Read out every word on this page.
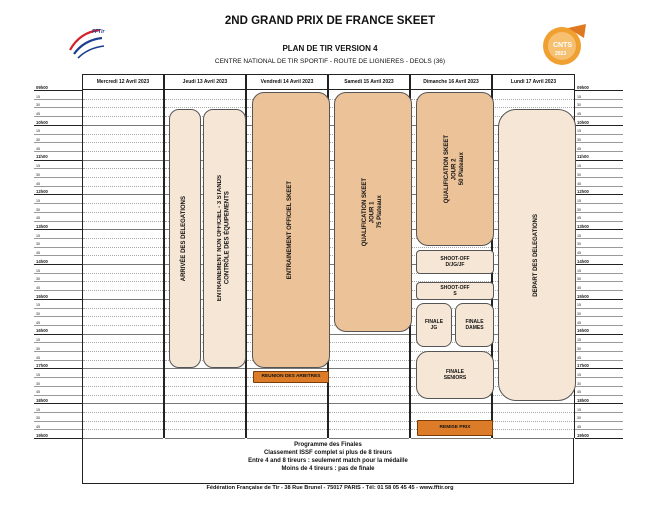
2ND GRAND PRIX DE FRANCE SKEET
PLAN DE TIR VERSION 4
CENTRE NATIONAL DE TIR SPORTIF - ROUTE DE LIGNIERES - DEOLS (36)
FFTir
CNTS
2023
09h00
15
30
45
10h00
15
30
45
11h00
15
30
45
12h00
15
30
45
13h00
15
30
45
14h00
15
30
45
15h00
15
30
45
16h00
15
30
45
17h00
15
30
45
18h00
15
30
45
19h00
09h00
15
30
45
10h00
15
30
45
11h00
15
30
45
12h00
15
30
45
13h00
15
30
45
14h00
15
30
45
15h00
15
30
45
16h00
15
30
45
17h00
15
30
45
18h00
15
30
45
19h00
Mercredi 12 Avril 2023	Jeudi 13 Avril 2023	Vendredi 14 Avril 2023	Samedi 15 Avril 2023	Dimanche 16 Avril 2023	Lundi 17 Avril 2023
ARRIVÉE DES DELEGATIONS	ENTRAINEMENT NON OFFICIEL - 3 STANDS CONTRÔLE DES ÉQUIPEMENTS	ENTRAINEMENT OFFICIEL SKEET
REUNION DES ARBITRES
QUALIFICATION SKEET JOUR 1 75 Plateaux
QUALIFICATION SKEET JOUR 2 50 Plateaux
SHOOT-OFF
D/JG/JF
SHOOT-OFF
S
FINALE
JG
FINALE
DAMES
FINALE
SENIORS
REMISE PRIX
DEPART DES DELEGATIONS
Programme des Finales
Classement ISSF complet si plus de 8 tireurs
Entre 4 and 8 tireurs : seulement match pour la médaille
Moins de 4 tireurs : pas de finale
Fédération Française de Tir - 38 Rue Brunel - 75017 PARIS - Tél: 01 58 05 45 45 - www.fftir.org
